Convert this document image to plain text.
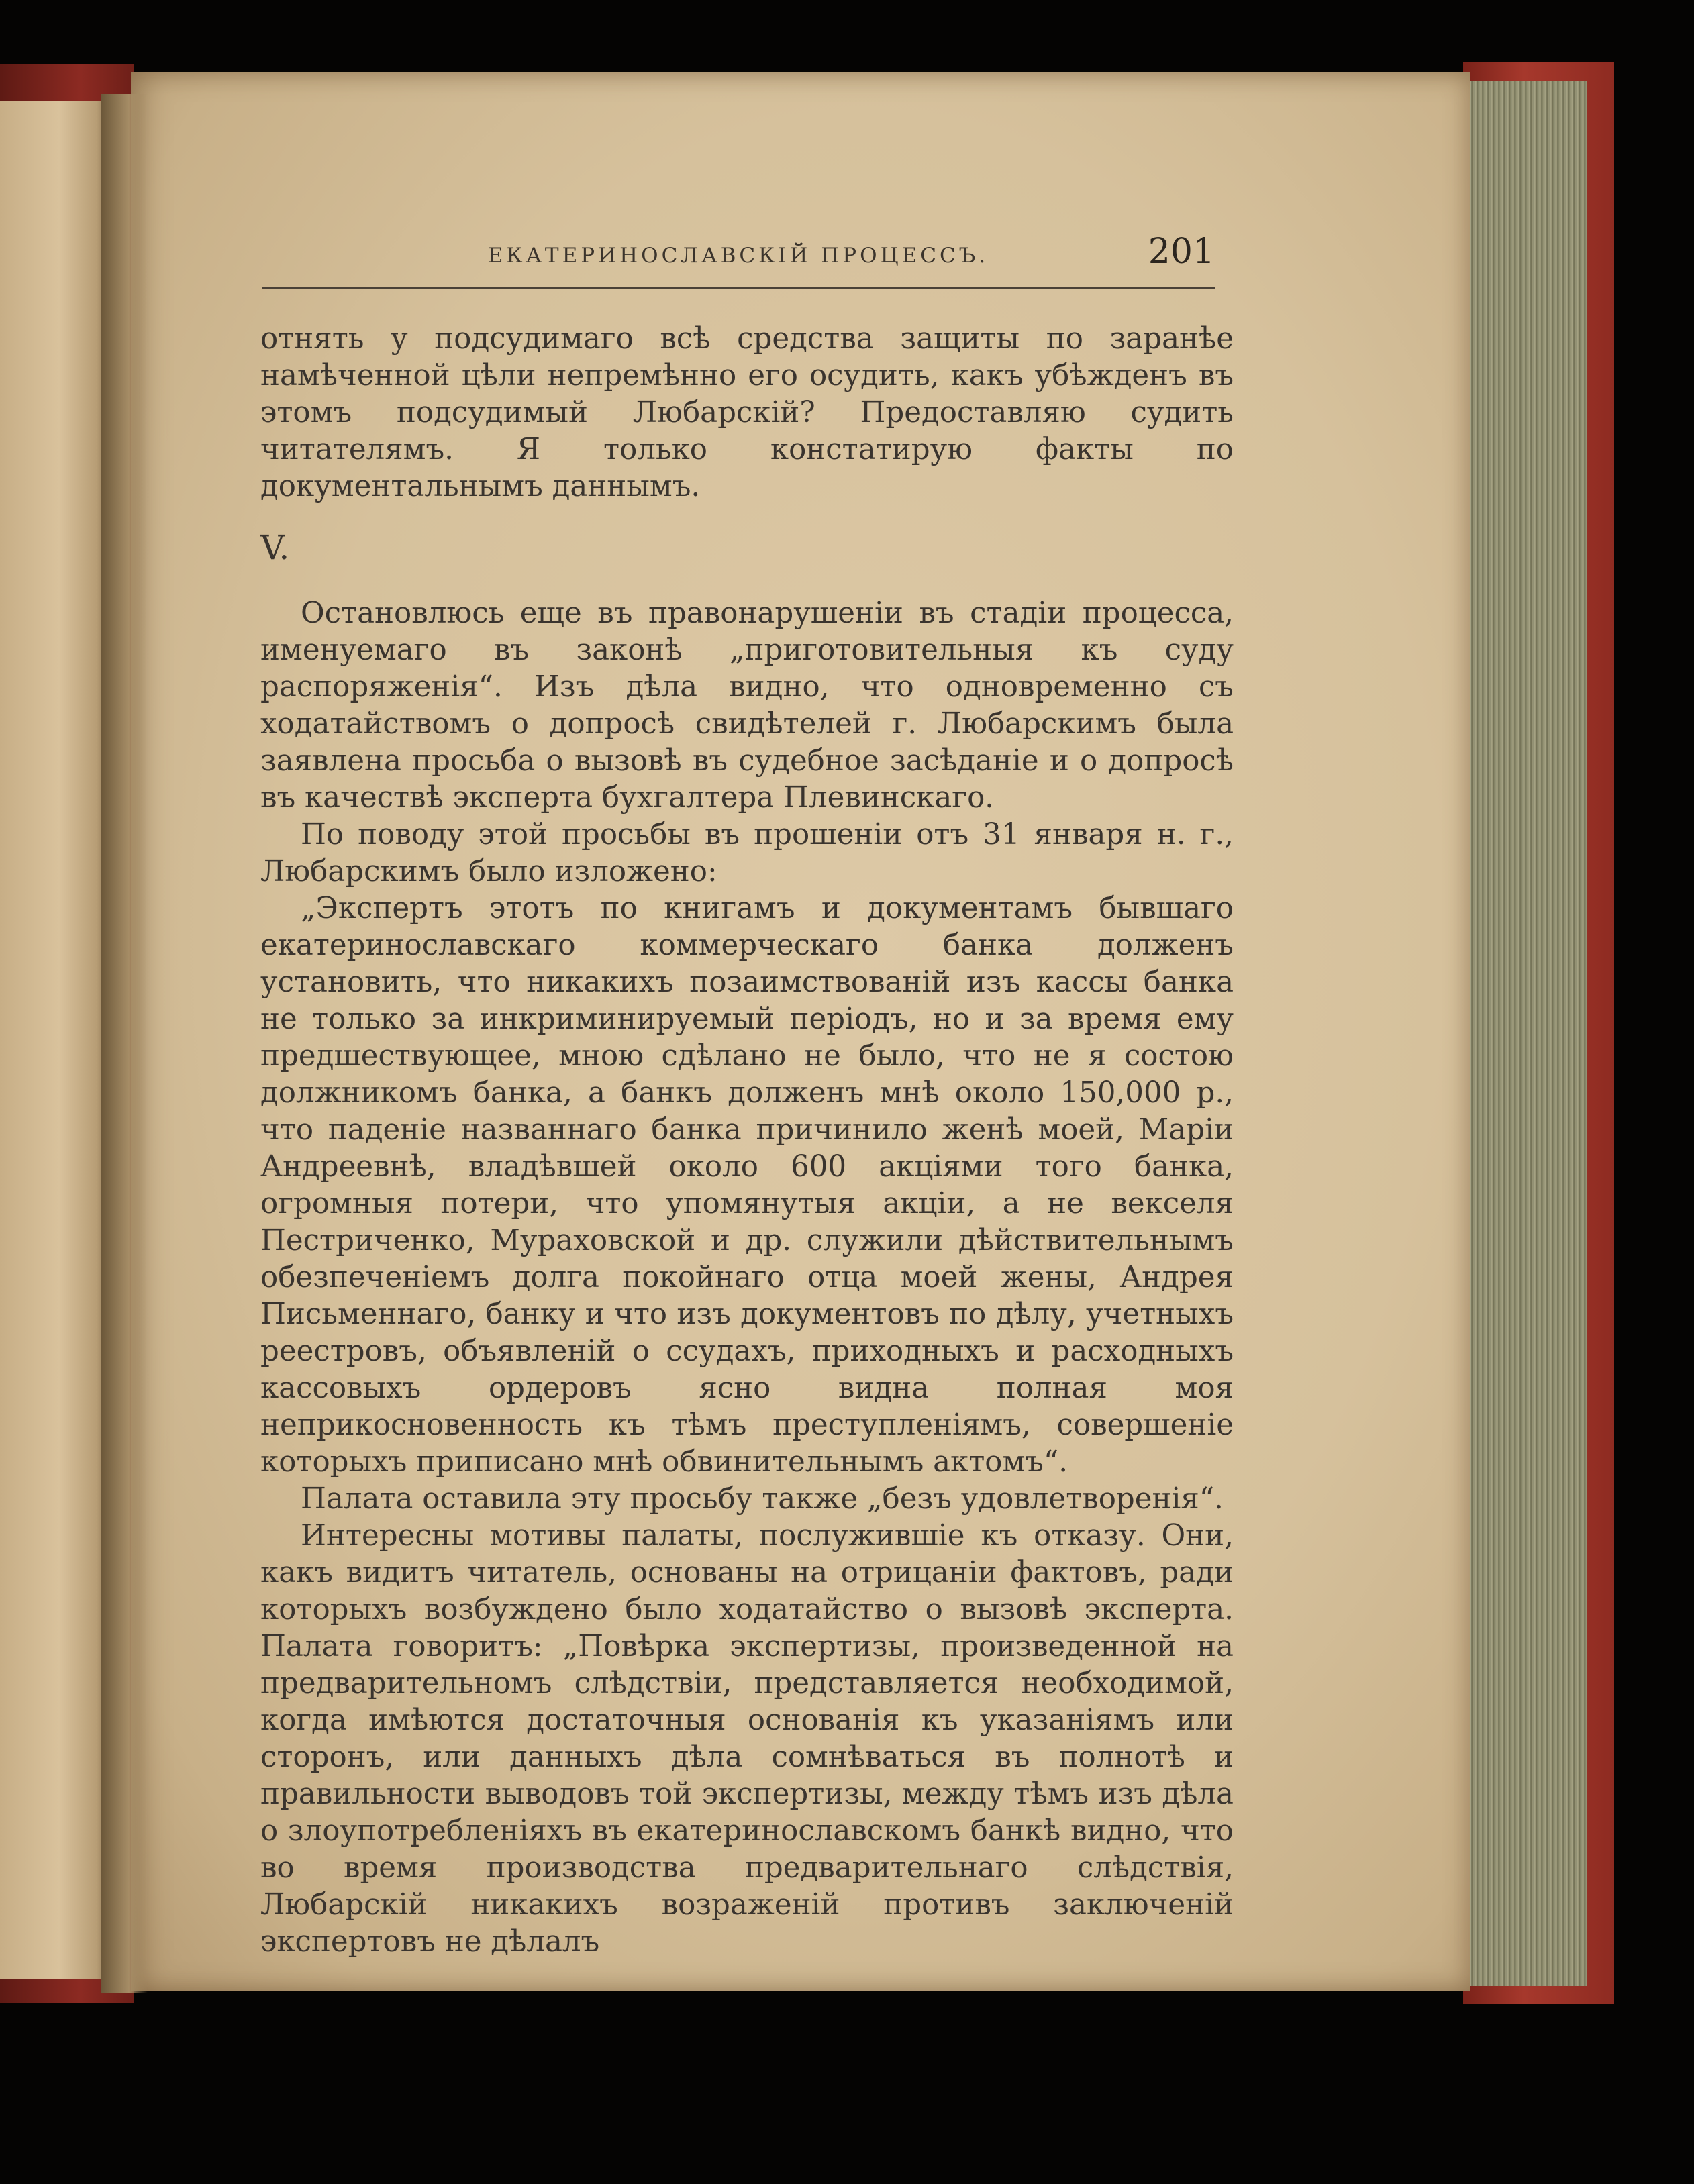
ЕКАТЕРИНОСЛАВСКІЙ ПРОЦЕССЪ.	201

отнять у подсудимаго всѣ средства защиты по заранѣе намѣченной цѣли непремѣнно его осудить, какъ убѣжденъ въ этомъ подсудимый Любарскій? Предоставляю судить читателямъ. Я только констатирую факты по документальнымъ даннымъ.

V.

Остановлюсь еще въ правонарушеніи въ стадіи процесса, именуемаго въ законѣ „приготовительныя къ суду распоряженія“. Изъ дѣла видно, что одновременно съ ходатайствомъ о допросѣ свидѣтелей г. Любарскимъ была заявлена просьба о вызовѣ въ судебное засѣданіе и о допросѣ въ качествѣ эксперта бухгалтера Плевинскаго.

По поводу этой просьбы въ прошеніи отъ 31 января н. г., Любарскимъ было изложено:

„Экспертъ этотъ по книгамъ и документамъ бывшаго екатеринославскаго коммерческаго банка долженъ установить, что никакихъ позаимствованій изъ кассы банка не только за инкриминируемый періодъ, но и за время ему предшествующее, мною сдѣлано не было, что не я состою должникомъ банка, а банкъ долженъ мнѣ около 150,000 р., что паденіе названнаго банка причинило женѣ моей, Маріи Андреевнѣ, владѣвшей около 600 акціями того банка, огромныя потери, что упомянутыя акціи, а не векселя Пестриченко, Мураховской и др. служили дѣйствительнымъ обезпеченіемъ долга покойнаго отца моей жены, Андрея Письменнаго, банку и что изъ документовъ по дѣлу, учетныхъ реестровъ, объявленій о ссудахъ, приходныхъ и расходныхъ кассовыхъ ордеровъ ясно видна полная моя неприкосновенность къ тѣмъ преступленіямъ, совершеніе которыхъ приписано мнѣ обвинительнымъ актомъ“.

Палата оставила эту просьбу также „безъ удовлетворенія“.

Интересны мотивы палаты, послужившіе къ отказу. Они, какъ видитъ читатель, основаны на отрицаніи фактовъ, ради которыхъ возбуждено было ходатайство о вызовѣ эксперта. Палата говоритъ: „Повѣрка экспертизы, произведенной на предварительномъ слѣдствіи, представляется необходимой, когда имѣются достаточныя основанія къ указаніямъ или сторонъ, или данныхъ дѣла сомнѣваться въ полнотѣ и правильности выводовъ той экспертизы, между тѣмъ изъ дѣла о злоупотребленіяхъ въ екатеринославскомъ банкѣ видно, что во время производства предварительнаго слѣдствія, Любарскій никакихъ возраженій противъ заключеній экспертовъ не дѣлалъ
